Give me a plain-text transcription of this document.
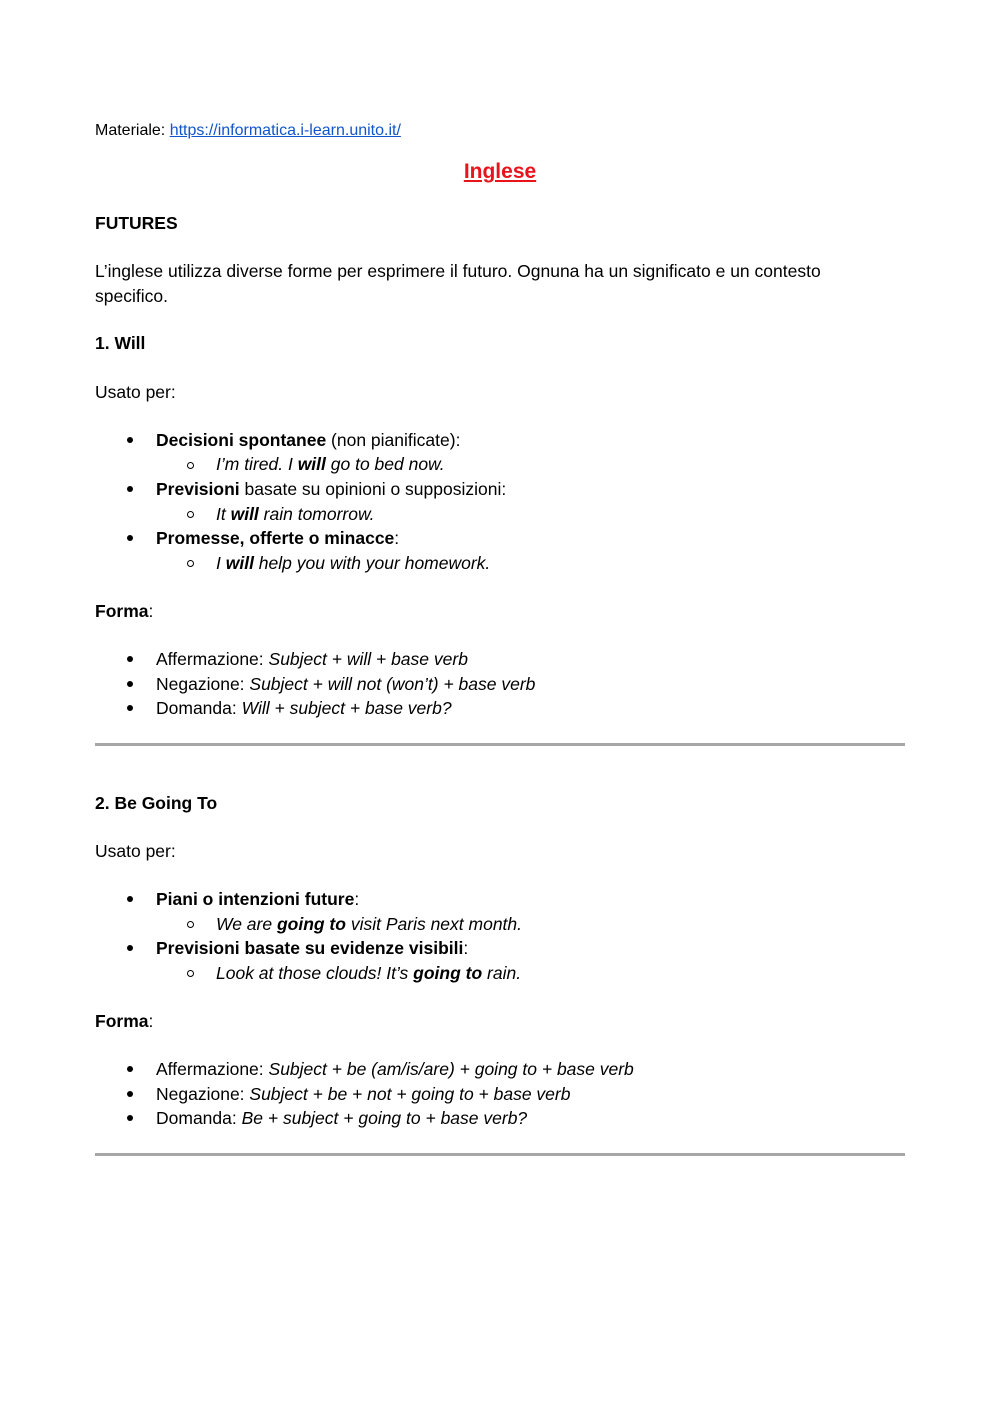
Materiale: https://informatica.i-learn.unito.it/
Inglese
FUTURES
L’inglese utilizza diverse forme per esprimere il futuro. Ognuna ha un significato e un contesto
specifico.
1. Will
Usato per:
Decisioni spontanee (non pianificate):
I’m tired. I will go to bed now.
Previsioni basate su opinioni o supposizioni:
It will rain tomorrow.
Promesse, offerte o minacce:
I will help you with your homework.
Forma:
Affermazione: Subject + will + base verb
Negazione: Subject + will not (won’t) + base verb
Domanda: Will + subject + base verb?
2. Be Going To
Usato per:
Piani o intenzioni future:
We are going to visit Paris next month.
Previsioni basate su evidenze visibili:
Look at those clouds! It’s going to rain.
Forma:
Affermazione: Subject + be (am/is/are) + going to + base verb
Negazione: Subject + be + not + going to + base verb
Domanda: Be + subject + going to + base verb?
